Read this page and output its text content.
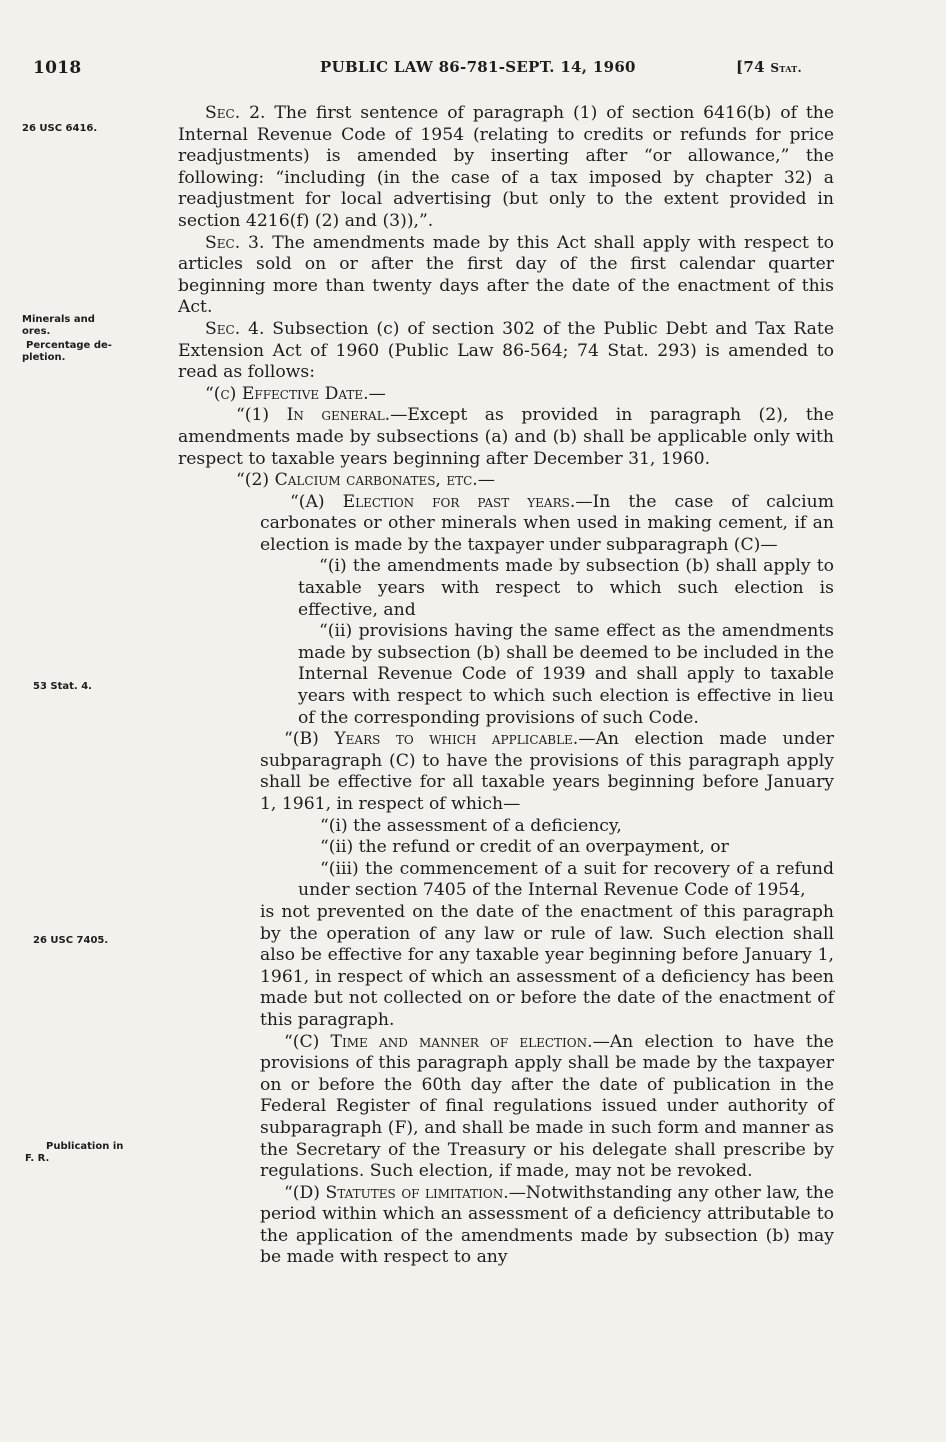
1018	PUBLIC LAW 86-781-SEPT. 14, 1960	[74 Stat.
26 USC 6416.
Minerals and
ores.
Percentage de-
pletion.
53 Stat. 4.
26 USC 7405.
Publication in
F. R.

Sec. 2. The first sentence of paragraph (1) of section 6416(b) of the Internal Revenue Code of 1954 (relating to credits or refunds for price readjustments) is amended by inserting after “or allowance,” the following: “including (in the case of a tax imposed by chapter 32) a readjustment for local advertising (but only to the extent provided in section 4216(f) (2) and (3)),”.

Sec. 3. The amendments made by this Act shall apply with respect to articles sold on or after the first day of the first calendar quarter beginning more than twenty days after the date of the enactment of this Act.

Sec. 4. Subsection (c) of section 302 of the Public Debt and Tax Rate Extension Act of 1960 (Public Law 86-564; 74 Stat. 293) is amended to read as follows:

“(c) Effective Date.—

“(1) In general.—Except as provided in paragraph (2), the amendments made by subsections (a) and (b) shall be applicable only with respect to taxable years beginning after December 31, 1960.

“(2) Calcium carbonates, etc.—

“(A) Election for past years.—In the case of calcium carbonates or other minerals when used in making cement, if an election is made by the taxpayer under subparagraph (C)—

“(i) the amendments made by subsection (b) shall apply to taxable years with respect to which such election is effective, and

“(ii) provisions having the same effect as the amendments made by subsection (b) shall be deemed to be included in the Internal Revenue Code of 1939 and shall apply to taxable years with respect to which such election is effective in lieu of the corresponding provisions of such Code.

“(B) Years to which applicable.—An election made under subparagraph (C) to have the provisions of this paragraph apply shall be effective for all taxable years beginning before January 1, 1961, in respect of which—

“(i) the assessment of a deficiency,

“(ii) the refund or credit of an overpayment, or

“(iii) the commencement of a suit for recovery of a refund under section 7405 of the Internal Revenue Code of 1954,

is not prevented on the date of the enactment of this paragraph by the operation of any law or rule of law. Such election shall also be effective for any taxable year beginning before January 1, 1961, in respect of which an assessment of a deficiency has been made but not collected on or before the date of the enactment of this paragraph.

“(C) Time and manner of election.—An election to have the provisions of this paragraph apply shall be made by the taxpayer on or before the 60th day after the date of publication in the Federal Register of final regulations issued under authority of subparagraph (F), and shall be made in such form and manner as the Secretary of the Treasury or his delegate shall prescribe by regulations. Such election, if made, may not be revoked.

“(D) Statutes of limitation.—Notwithstanding any other law, the period within which an assessment of a deficiency attributable to the application of the amendments made by subsection (b) may be made with respect to any
